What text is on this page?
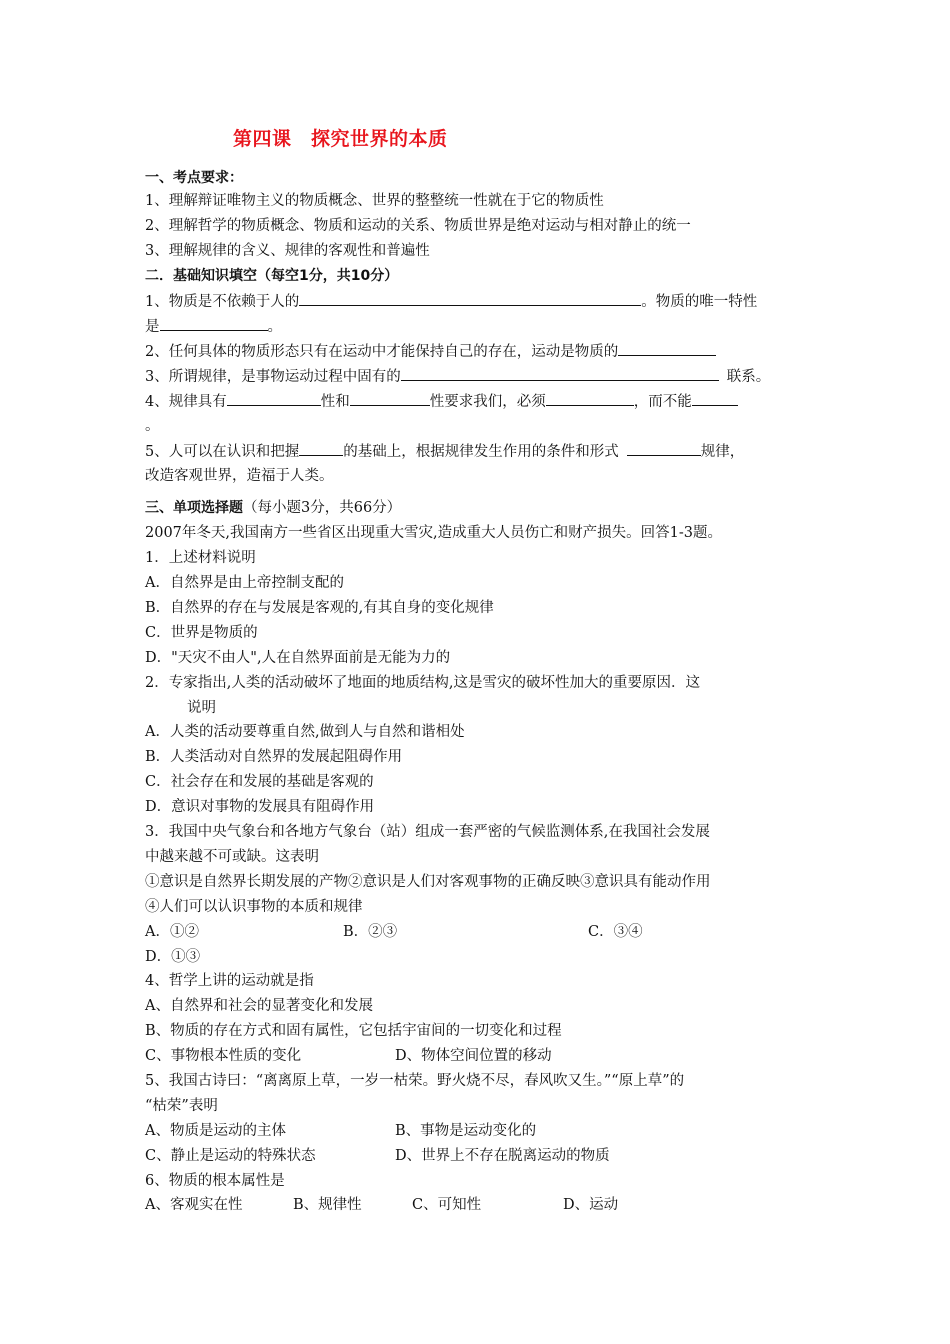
第四课　探究世界的本质
一、考点要求：
1、理解辩证唯物主义的物质概念、世界的整整统一性就在于它的物质性
2、理解哲学的物质概念、物质和运动的关系、物质世界是绝对运动与相对静止的统一
3、理解规律的含义、规律的客观性和普遍性
二．基础知识填空（每空1分，共10分）
1、物质是不依赖于人的	。物质的唯一特性
是	。
2、任何具体的物质形态只有在运动中才能保持自己的存在，运动是物质的
3、所谓规律，是事物运动过程中固有的	联系。
4、规律具有	性和	性要求我们，必须	，而不能
。
5、人可以在认识和把握	的基础上，根据规律发生作用的条件和形式	规律，
改造客观世界，造福于人类。
三、单项选择题（每小题3分，共66分）
2007年冬天,我国南方一些省区出现重大雪灾,造成重大人员伤亡和财产损失。回答1-3题。
1．上述材料说明
A．自然界是由上帝控制支配的
B．自然界的存在与发展是客观的,有其自身的变化规律
C．世界是物质的
D．"天灾不由人",人在自然界面前是无能为力的
2．专家指出,人类的活动破坏了地面的地质结构,这是雪灾的破坏性加大的重要原因．这
说明
A．人类的活动要尊重自然,做到人与自然和谐相处
B．人类活动对自然界的发展起阻碍作用
C．社会存在和发展的基础是客观的
D．意识对事物的发展具有阻碍作用
3．我国中央气象台和各地方气象台（站）组成一套严密的气候监测体系,在我国社会发展
中越来越不可或缺。这表明
①意识是自然界长期发展的产物②意识是人们对客观事物的正确反映③意识具有能动作用
④人们可以认识事物的本质和规律
A．①②	B．②③	C．③④
D．①③
4、哲学上讲的运动就是指
A、自然界和社会的显著变化和发展
B、物质的存在方式和固有属性，它包括宇宙间的一切变化和过程
C、事物根本性质的变化	D、物体空间位置的移动
5、我国古诗曰：“离离原上草，一岁一枯荣。野火烧不尽，春风吹又生。”“原上草”的
“枯荣”表明
A、物质是运动的主体	B、事物是运动变化的
C、静止是运动的特殊状态	D、世界上不存在脱离运动的物质
6、物质的根本属性是
A、客观实在性	B、规律性	C、可知性	D、运动
